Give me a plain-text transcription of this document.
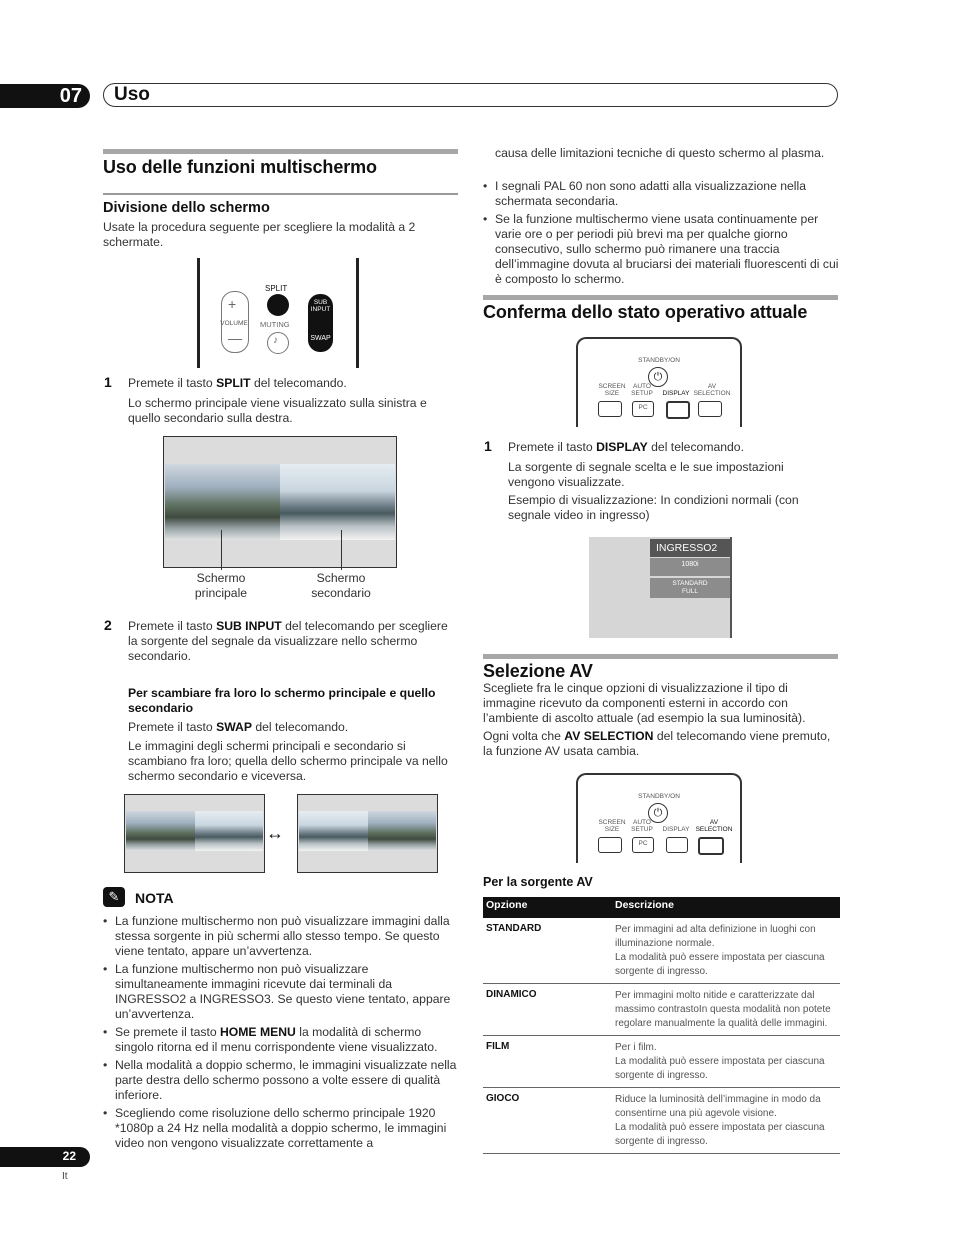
07 Uso
Uso delle funzioni multischermo
Divisione dello schermo

Usate la procedura seguente per scegliere la modalità a 2 schermate.

+
—
VOLUME
SPLIT
MUTING
♪
SUB
INPUT
SWAP
1 Premete il tasto SPLIT del telecomando.

Lo schermo principale viene visualizzato sulla sinistra e quello secondario sulla destra.

Schermo
principale
Schermo
secondario
2 Premete il tasto SUB INPUT del telecomando per scegliere la sorgente del segnale da visualizzare nello schermo secondario.

Per scambiare fra loro lo schermo principale e quello secondario

Premete il tasto SWAP del telecomando.

Le immagini degli schermi principali e secondario si scambiano fra loro; quella dello schermo principale va nello schermo secondario e viceversa.

↔
✎	NOTA
• La funzione multischermo non può visualizzare immagini dalla stessa sorgente in più schermi allo stesso tempo. Se questo viene tentato, appare un’avvertenza.
• La funzione multischermo non può visualizzare simultaneamente immagini ricevute dai terminali da INGRESSO2 a INGRESSO3. Se questo viene tentato, appare un’avvertenza.
• Se premete il tasto HOME MENU la modalità di schermo singolo ritorna ed il menu corrispondente viene visualizzato.
• Nella modalità a doppio schermo, le immagini visualizzate nella parte destra dello schermo possono a volte essere di qualità inferiore.
• Scegliendo come risoluzione dello schermo principale 1920 *1080p a 24 Hz nella modalità a doppio schermo, le immagini video non vengono visualizzate correttamente a

causa delle limitazioni tecniche di questo schermo al plasma.

• I segnali PAL 60 non sono adatti alla visualizzazione nella schermata secondaria.
• Se la funzione multischermo viene usata continuamente per varie ore o per periodi più brevi ma per qualche giorno consecutivo, sullo schermo può rimanere una traccia dell’immagine dovuta al bruciarsi dei materiali fluorescenti di cui è composto lo schermo.
Conferma dello stato operativo attuale
STANDBY/ON
⏻
SCREEN
SIZE
AUTO
SETUP	DISPLAY
AV
SELECTION
PC
1 Premete il tasto DISPLAY del telecomando.

La sorgente di segnale scelta e le sue impostazioni vengono visualizzate.

Esempio di visualizzazione: In condizioni normali (con segnale video in ingresso)

INGRESSO2
1080i
STANDARD
FULL
Selezione AV

Scegliete fra le cinque opzioni di visualizzazione il tipo di immagine ricevuto da componenti esterni in accordo con l’ambiente di ascolto attuale (ad esempio la sua luminosità).

Ogni volta che AV SELECTION del telecomando viene premuto, la funzione AV usata cambia.

STANDBY/ON
⏻
SCREEN
SIZE
AUTO
SETUP	DISPLAY
AV
SELECTION
PC
Per la sorgente AV
Opzione	Descrizione
STANDARD	Per immagini ad alta definizione in luoghi con illuminazione normale.
La modalità può essere impostata per ciascuna sorgente di ingresso.
DINAMICO	Per immagini molto nitide e caratterizzate dal massimo contrastoIn questa modalità non potete regolare manualmente la qualità delle immagini.
FILM	Per i film.
La modalità può essere impostata per ciascuna sorgente di ingresso.
GIOCO	Riduce la luminosità dell’immagine in modo da consentirne una più agevole visione.
La modalità può essere impostata per ciascuna sorgente di ingresso.
22
It
